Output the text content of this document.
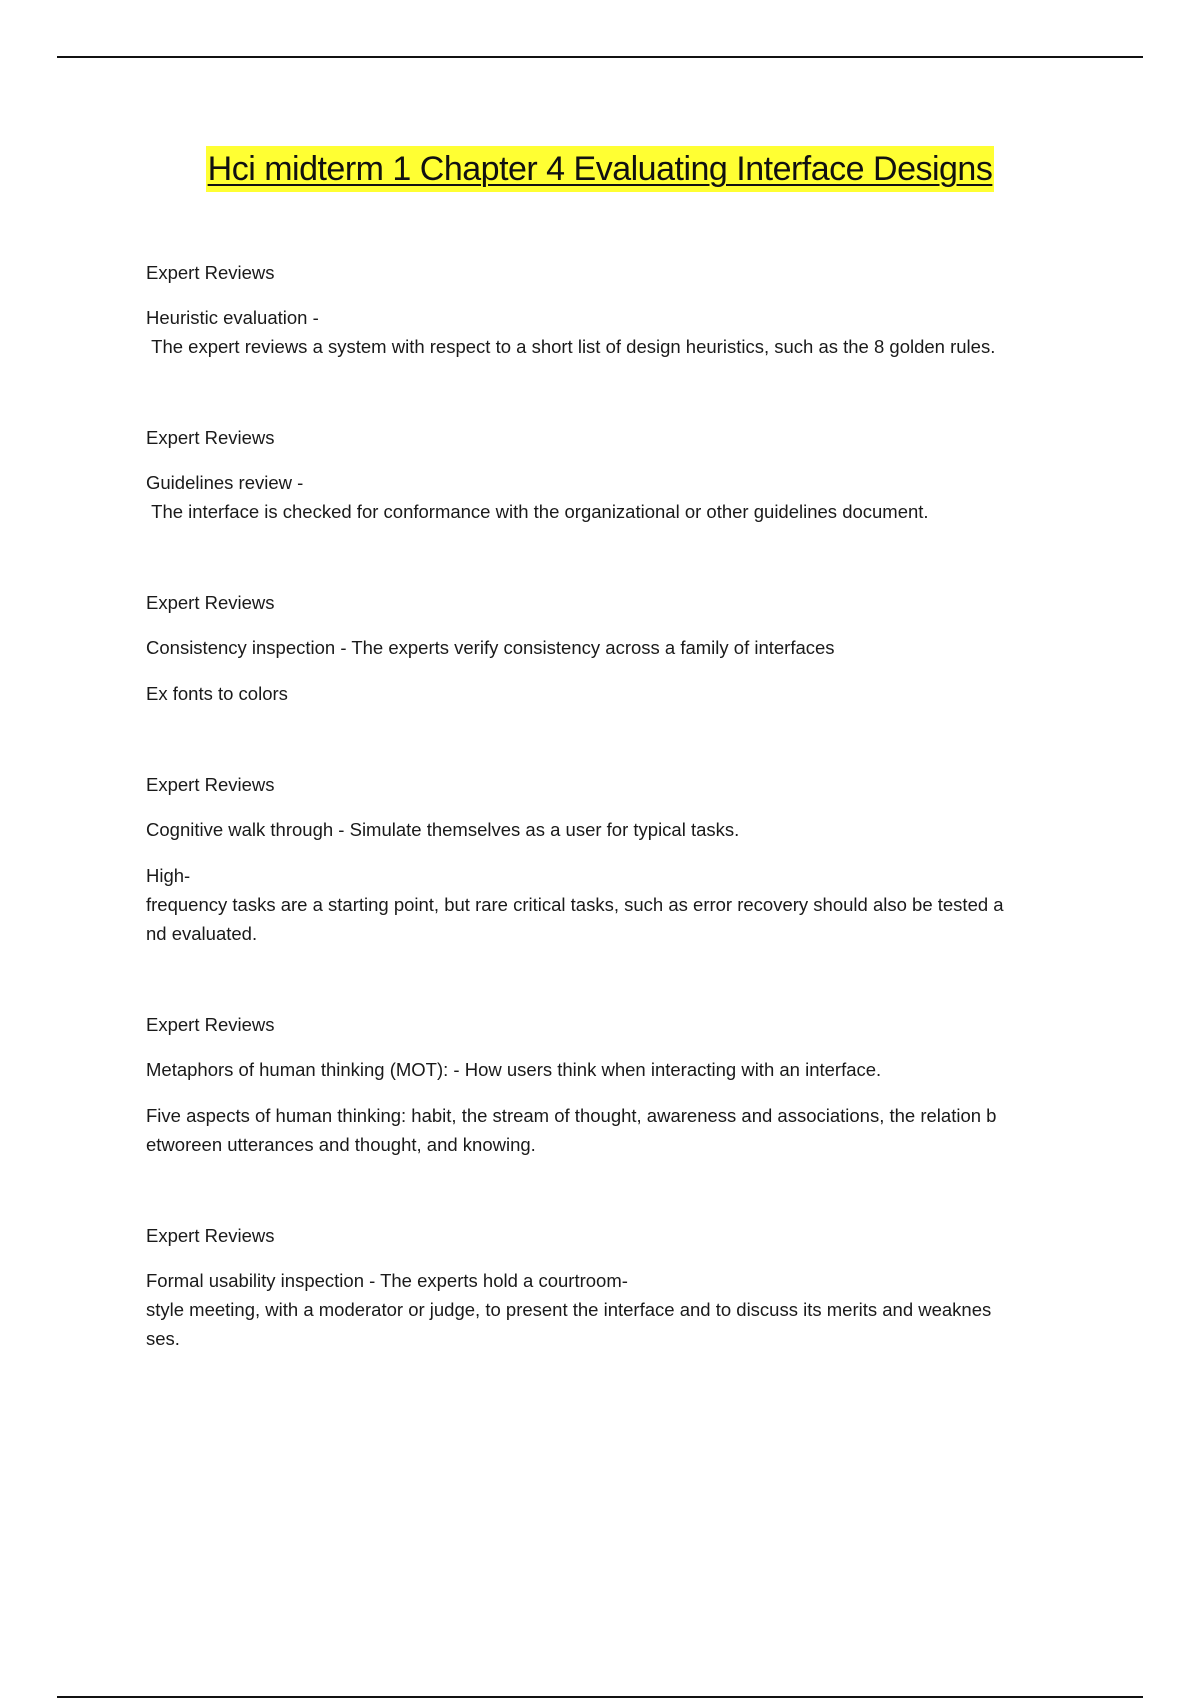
Hci midterm 1 Chapter 4 Evaluating Interface Designs
Expert Reviews
Heuristic evaluation -
The expert reviews a system with respect to a short list of design heuristics, such as the 8 golden rules.
Expert Reviews
Guidelines review -
The interface is checked for conformance with the organizational or other guidelines document.
Expert Reviews
Consistency inspection - The experts verify consistency across a family of interfaces
Ex fonts to colors
Expert Reviews
Cognitive walk through - Simulate themselves as a user for typical tasks.
High-
frequency tasks are a starting point, but rare critical tasks, such as error recovery should also be tested a
nd evaluated.
Expert Reviews
Metaphors of human thinking (MOT): - How users think when interacting with an interface.
Five aspects of human thinking: habit, the stream of thought, awareness and associations, the relation b
etworeen utterances and thought, and knowing.
Expert Reviews
Formal usability inspection - The experts hold a courtroom-
style meeting, with a moderator or judge, to present the interface and to discuss its merits and weaknes
ses.
